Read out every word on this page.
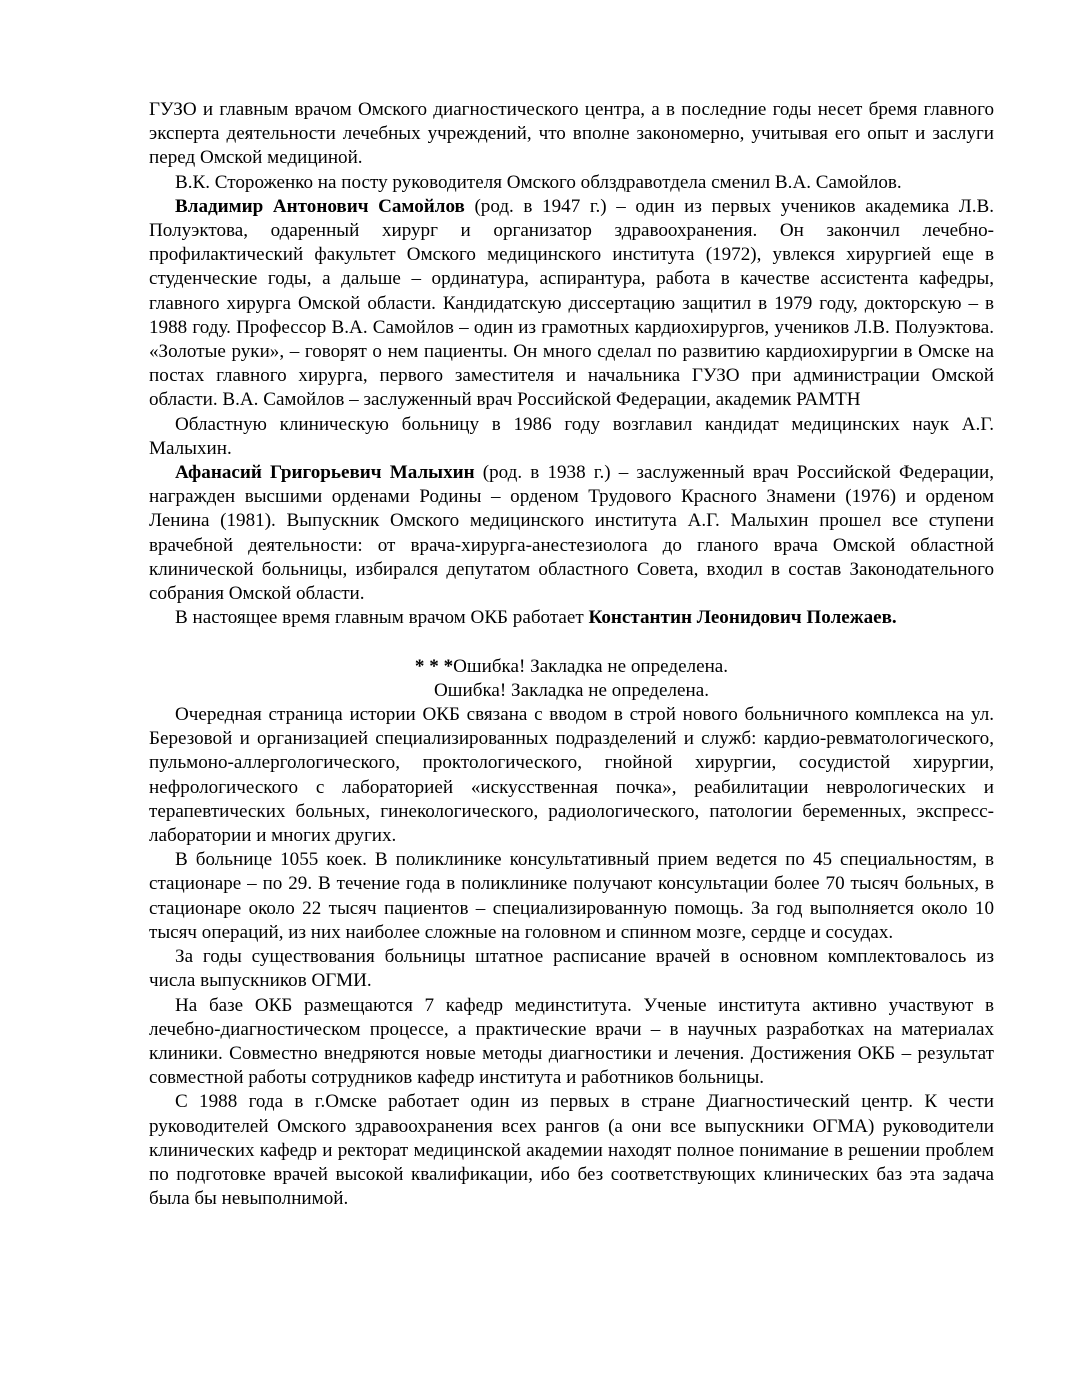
ГУЗО и главным врачом Омского диагностического центра, а в последние годы несет бремя главного эксперта деятельности лечебных учреждений, что вполне закономерно, учитывая его опыт и заслуги перед Омской медициной.

В.К. Стороженко на посту руководителя Омского облздравотдела сменил В.А. Самойлов.

Владимир Антонович Самойлов (род. в 1947 г.) – один из первых учеников академика Л.В. Полуэктова, одаренный хирург и организатор здравоохранения. Он закончил лечебно-профилактический факультет Омского медицинского института (1972), увлекся хирургией еще в студенческие годы, а дальше – ординатура, аспирантура, работа в качестве ассистента кафедры, главного хирурга Омской области. Кандидатскую диссертацию защитил в 1979 году, докторскую – в 1988 году. Профессор В.А. Самойлов – один из грамотных кардиохирургов, учеников Л.В. Полуэктова. «Золотые руки», – говорят о нем пациенты. Он много сделал по развитию кардиохирургии в Омске на постах главного хирурга, первого заместителя и начальника ГУЗО при администрации Омской области. В.А. Самойлов – заслуженный врач Российской Федерации, академик РАМТН

Областную клиническую больницу в 1986 году возглавил кандидат медицинских наук А.Г. Малыхин.

Афанасий Григорьевич Малыхин (род. в 1938 г.) – заслуженный врач Российской Федерации, награжден высшими орденами Родины – орденом Трудового Красного Знамени (1976) и орденом Ленина (1981). Выпускник Омского медицинского института А.Г. Малыхин прошел все ступени врачебной деятельности: от врача-хирурга-анестезиолога до гланого врача Омской областной клинической больницы, избирался депутатом областного Совета, входил в состав Законодательного собрания Омской области.

В настоящее время главным врачом ОКБ работает Константин Леонидович Полежаев.

* * *Ошибка! Закладка не определена.

Ошибка! Закладка не определена.

Очередная страница истории ОКБ связана с вводом в строй нового больничного комплекса на ул. Березовой и организацией специализированных подразделений и служб: кардио-ревматологического, пульмоно-аллергологического, проктологического, гнойной хирургии, сосудистой хирургии, нефрологического с лабораторией «искусственная почка», реабилитации неврологических и терапевтических больных, гинекологического, радиологического, патологии беременных, экспресс-лаборатории и многих других.

В больнице 1055 коек. В поликлинике консультативный прием ведется по 45 специальностям, в стационаре – по 29. В течение года в поликлинике получают консультации более 70 тысяч больных, в стационаре около 22 тысяч пациентов – специализированную помощь. За год выполняется около 10 тысяч операций, из них наиболее сложные на головном и спинном мозге, сердце и сосудах.

За годы существования больницы штатное расписание врачей в основном комплектовалось из числа выпускников ОГМИ.

На базе ОКБ размещаются 7 кафедр мединститута. Ученые института активно участвуют в лечебно-диагностическом процессе, а практические врачи – в научных разработках на материалах клиники. Совместно внедряются новые методы диагностики и лечения. Достижения ОКБ – результат совместной работы сотрудников кафедр института и работников больницы.

С 1988 года в г.Омске работает один из первых в стране Диагностический центр. К чести руководителей Омского здравоохранения всех рангов (а они все выпускники ОГМА) руководители клинических кафедр и ректорат медицинской академии находят полное понимание в решении проблем по подготовке врачей высокой квалификации, ибо без соответствующих клинических баз эта задача была бы невыполнимой.
